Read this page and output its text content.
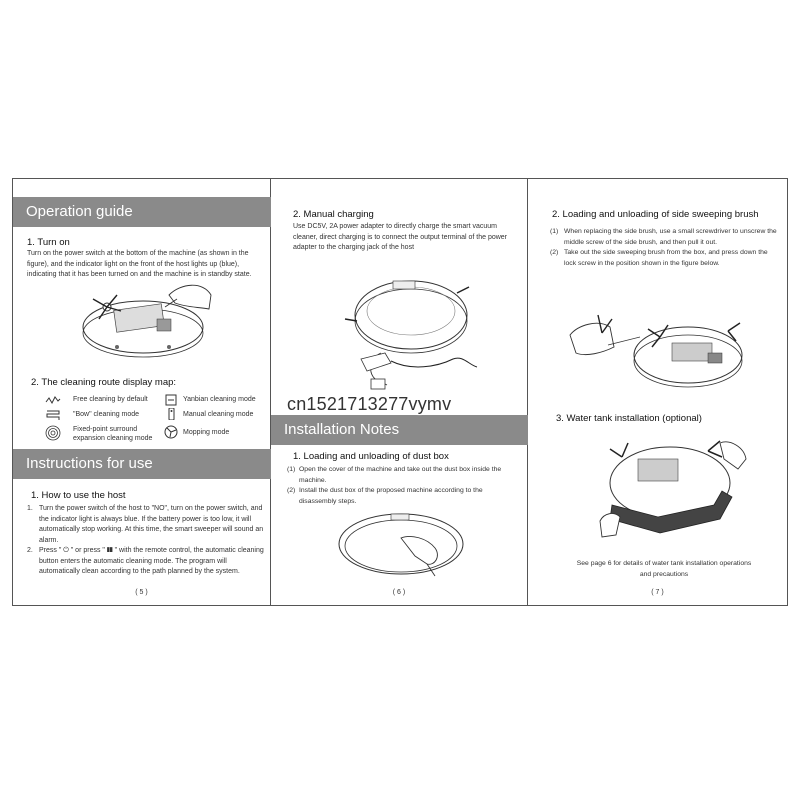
Operation guide
1. Turn on
Turn on the power switch at the bottom of the machine (as shown in the figure), and the indicator light on the front of the host lights up (blue), indicating that it has been turned on and the machine is in standby state.
2. The cleaning route display map:
Free cleaning by default	Yanbian cleaning mode
"Bow" cleaning mode	Manual cleaning mode
Fixed-point surround expansion cleaning mode
Mopping mode
Instructions for use
1. How to use the host
1. Turn the power switch of the host to "NO", turn on the power switch, and the indicator light is always blue. If the battery power is too low, it will automatically stop working. At this time, the smart sweeper will sound an alarm.
2. Press " ⏻ " or press " ❚❚ " with the remote control, the automatic cleaning button enters the automatic cleaning mode. The program will automatically clean according to the path planned by the system.
( 5 )
2. Manual charging
Use DC5V, 2A power adapter to directly charge the smart vacuum cleaner, direct charging is to connect the output terminal of the power adapter to the charging jack of the host
Installation Notes
1. Loading and unloading of dust box
(1) Open the cover of the machine and take out the dust box inside the machine.
(2) Install the dust box of the proposed machine according to the disassembly steps.
( 6 )
2. Loading and unloading of side sweeping brush
(1) When replacing the side brush, use a small screwdriver to unscrew the middle screw of the side brush, and then pull it out.
(2) Take out the side sweeping brush from the box, and press down the lock screw in the position shown in the figure below.
3. Water tank installation (optional)
See page 6 for details of water tank installation operations and precautions
( 7 )
cn1521713277vymv
